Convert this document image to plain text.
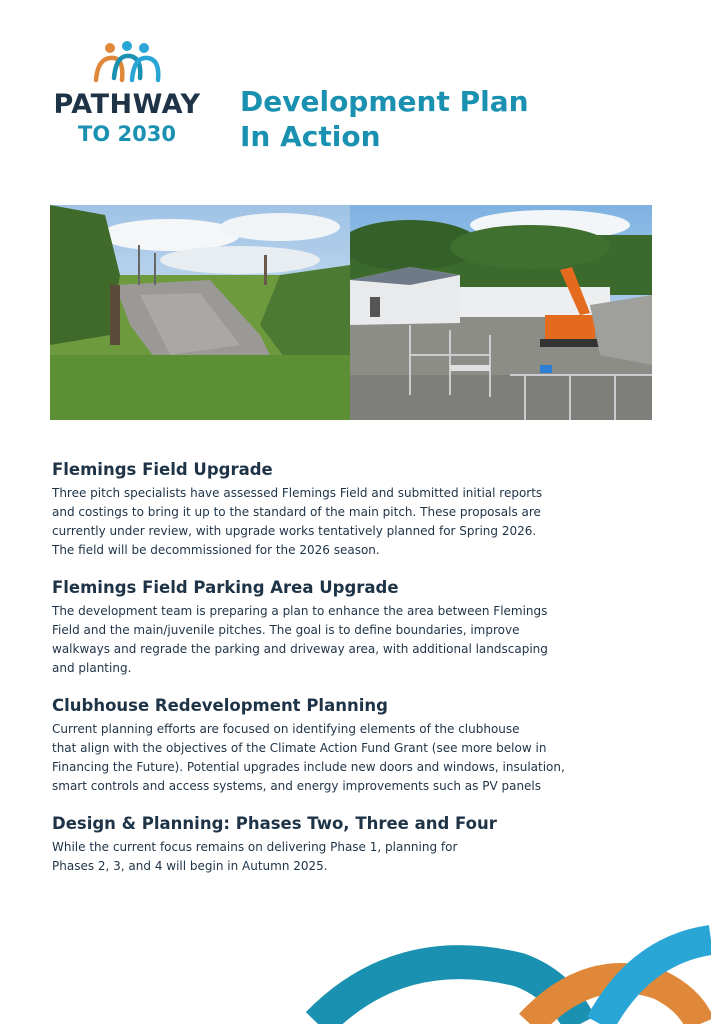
PATHWAY
TO 2030
Development Plan
In Action
Flemings Field Upgrade

Three pitch specialists have assessed Flemings Field and submitted initial reports
and costings to bring it up to the standard of the main pitch. These proposals are
currently under review, with upgrade works tentatively planned for Spring 2026.
The field will be decommissioned for the 2026 season.

Flemings Field Parking Area Upgrade

The development team is preparing a plan to enhance the area between Flemings
Field and the main/juvenile pitches. The goal is to define boundaries, improve
walkways and regrade the parking and driveway area, with additional landscaping
and planting.

Clubhouse Redevelopment Planning

Current planning efforts are focused on identifying elements of the clubhouse
that align with the objectives of the Climate Action Fund Grant (see more below in
Financing the Future). Potential upgrades include new doors and windows, insulation,
smart controls and access systems, and energy improvements such as PV panels

Design & Planning: Phases Two, Three and Four

While the current focus remains on delivering Phase 1, planning for
Phases 2, 3, and 4 will begin in Autumn 2025.
